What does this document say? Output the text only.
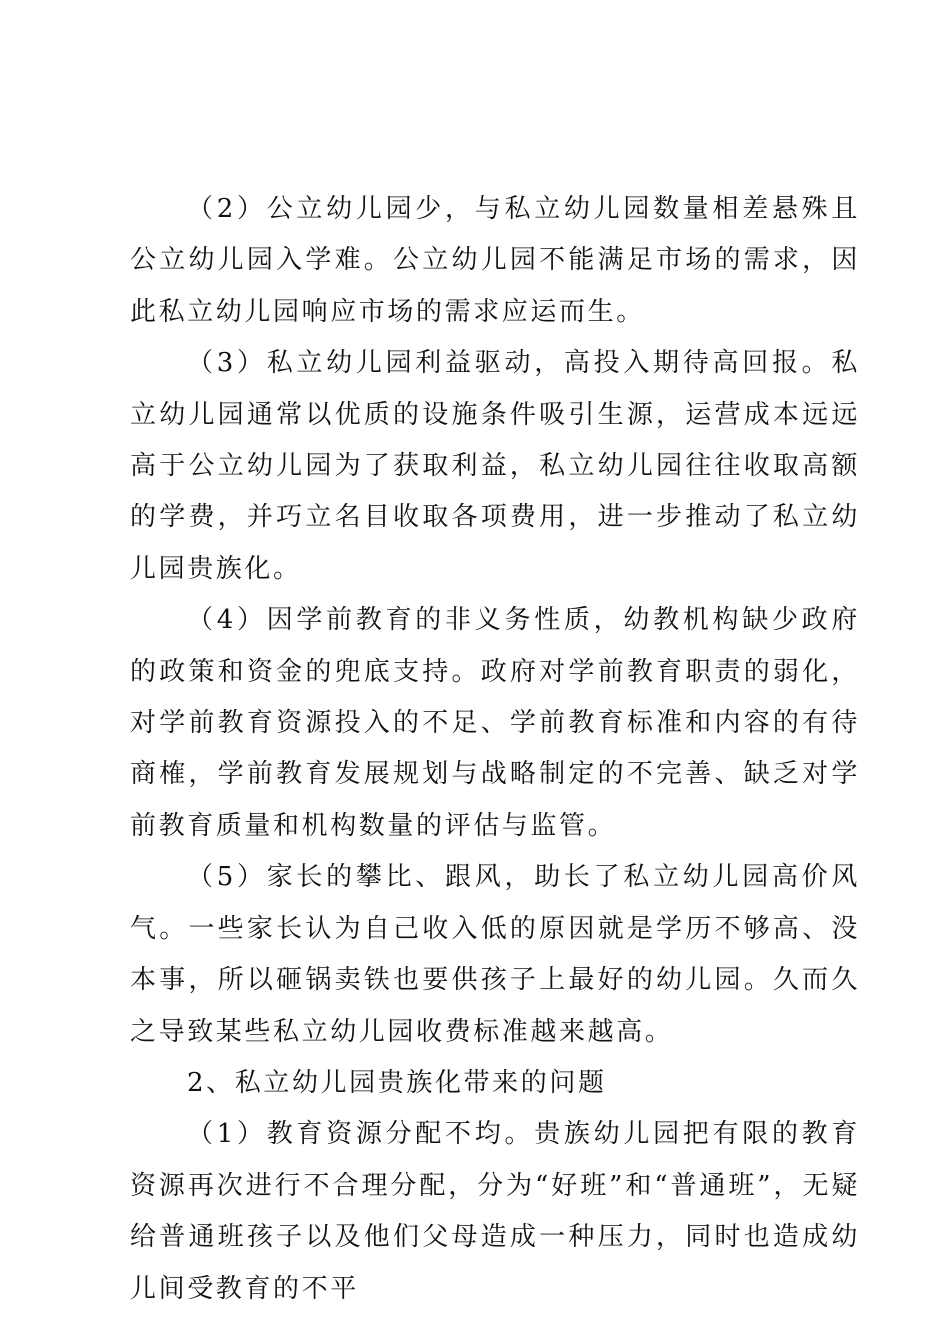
（2）公立幼儿园少，与私立幼儿园数量相差悬殊且公立幼儿园入学难。公立幼儿园不能满足市场的需求，因此私立幼儿园响应市场的需求应运而生。

（3）私立幼儿园利益驱动，高投入期待高回报。私立幼儿园通常以优质的设施条件吸引生源，运营成本远远高于公立幼儿园为了获取利益，私立幼儿园往往收取高额的学费，并巧立名目收取各项费用，进一步推动了私立幼儿园贵族化。

（4）因学前教育的非义务性质，幼教机构缺少政府的政策和资金的兜底支持。政府对学前教育职责的弱化，对学前教育资源投入的不足、学前教育标准和内容的有待商榷，学前教育发展规划与战略制定的不完善、缺乏对学前教育质量和机构数量的评估与监管。

（5）家长的攀比、跟风，助长了私立幼儿园高价风气。一些家长认为自己收入低的原因就是学历不够高、没本事，所以砸锅卖铁也要供孩子上最好的幼儿园。久而久之导致某些私立幼儿园收费标准越来越高。

2、私立幼儿园贵族化带来的问题

（1）教育资源分配不均。贵族幼儿园把有限的教育资源再次进行不合理分配，分为“好班”和“普通班”，无疑给普通班孩子以及他们父母造成一种压力，同时也造成幼儿间受教育的不平
